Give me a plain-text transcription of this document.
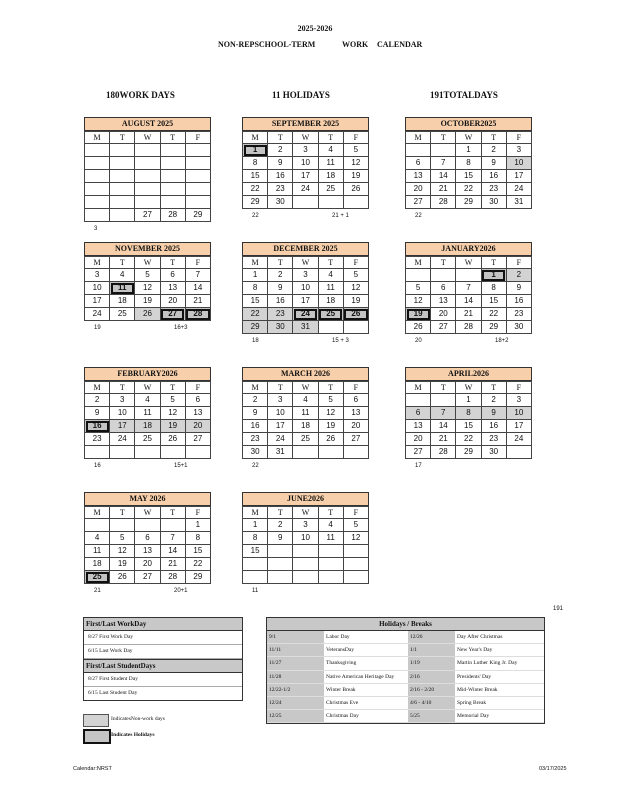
2025-2026
NON-REPSCHOOL-TERM	WORK CALENDAR
180WORK DAYS	11 HOLIDAYS	191TOTALDAYS
AUGUST 2025
M	T	W	T	F

		27	28	29
3
SEPTEMBER 2025
M	T	W	T	F
1	2	3	4	5
8	9	10	11	12
15	16	17	18	19
22	23	24	25	26
29	30			
22	21 + 1
OCTOBER2025
M	T	W	T	F
		1	2	3
6	7	8	9	10
13	14	15	16	17
20	21	22	23	24
27	28	29	30	31
22
NOVEMBER 2025
M	T	W	T	F
3	4	5	6	7
10	11	12	13	14
17	18	19	20	21
24	25	26	27	28
19	16+3
DECEMBER 2025
M	T	W	T	F
1	2	3	4	5
8	9	10	11	12
15	16	17	18	19
22	23	24	25	26
29	30	31		
18	15 + 3
JANUARY2026
M	T	W	T	F
			1	2
5	6	7	8	9
12	13	14	15	16
19	20	21	22	23
26	27	28	29	30
20	18+2
FEBRUARY2026
M	T	W	T	F
2	3	4	5	6
9	10	11	12	13
16	17	18	19	20
23	24	25	26	27

16	15+1
MARCH 2026
M	T	W	T	F
2	3	4	5	6
9	10	11	12	13
16	17	18	19	20
23	24	25	26	27
30	31			
22
APRIL2026
M	T	W	T	F
		1	2	3
6	7	8	9	10
13	14	15	16	17
20	21	22	23	24
27	28	29	30	
17
MAY 2026
M	T	W	T	F
				1
4	5	6	7	8
11	12	13	14	15
18	19	20	21	22
25	26	27	28	29
21	20+1
JUNE2026
M	T	W	T	F
1	2	3	4	5
8	9	10	11	12
15				

11
191
First/Last WorkDay
8/27 First Work Day
6/15 Last Work Day
First/Last StudentDays
8/27 First Student Day
6/15 Last Student Day
IndicatesNon-work days
Indicates Holidays
Holidays / Breaks
9/1	Labor Day	12/26	Day After Christmas
11/11	VeteransDay	1/1	New Year's Day
11/27	Thanksgiving	1/19	Martin Luther King Jr. Day
11/28	Native American Heritage Day	2/16	Presidents' Day
12/22-1/2	Winter Break	2/16 - 2/20	Mid-Winter Break
12/24	Christmas Eve	4/6 - 4/10	Spring Break
12/25	Christmas Day	5/25	Memorial Day
Calendar:NRST	03/17/2025
